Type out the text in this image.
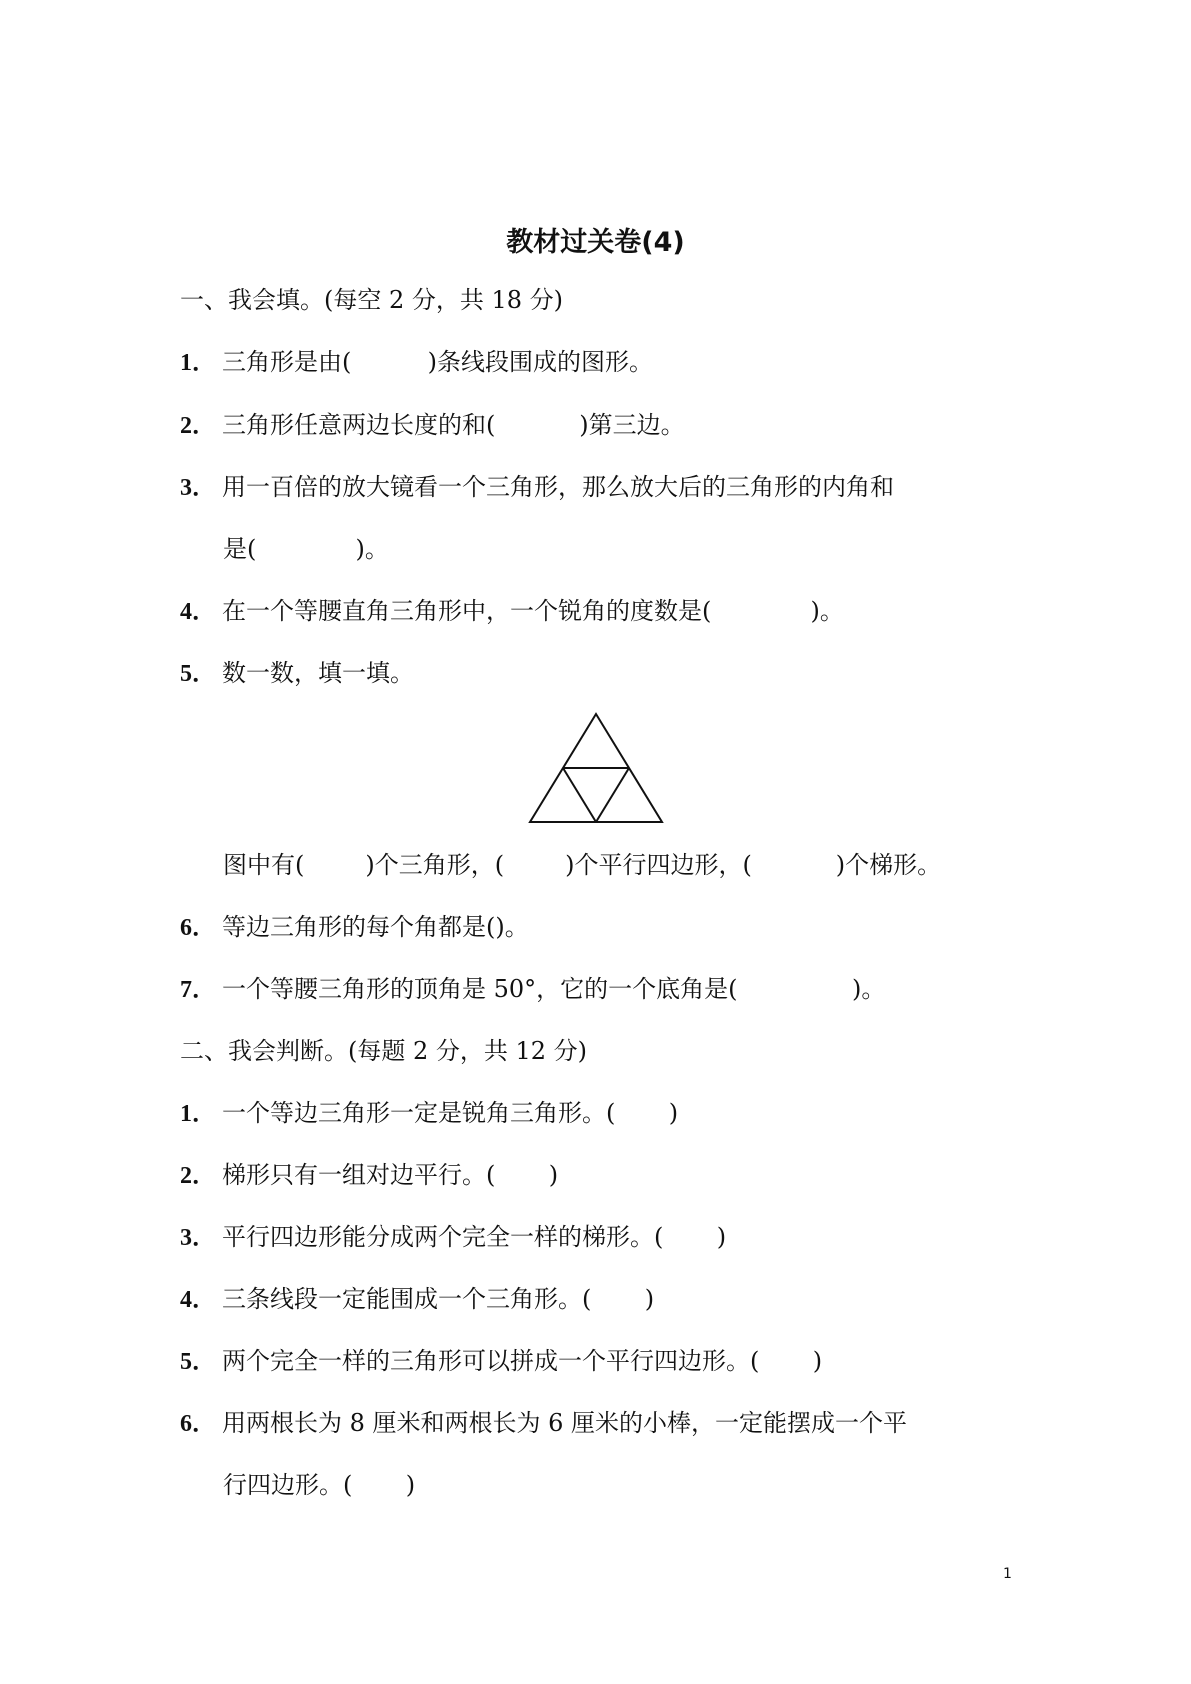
教材过关卷(4)
一、我会填。(每空 2 分，共 18 分)
1． 三角形是由(          )条线段围成的图形。
2． 三角形任意两边长度的和(           )第三边。
3． 用一百倍的放大镜看一个三角形，那么放大后的三角形的内角和
是(             )。
4． 在一个等腰直角三角形中，一个锐角的度数是(             )。
5． 数一数，填一填。
图中有(        )个三角形，(        )个平行四边形，(           )个梯形。
6． 等边三角形的每个角都是()。
7． 一个等腰三角形的顶角是 50°，它的一个底角是(               )。
二、我会判断。(每题 2 分，共 12 分)
1． 一个等边三角形一定是锐角三角形。(       )
2． 梯形只有一组对边平行。(       )
3． 平行四边形能分成两个完全一样的梯形。(       )
4． 三条线段一定能围成一个三角形。(       )
5． 两个完全一样的三角形可以拼成一个平行四边形。(       )
6． 用两根长为 8 厘米和两根长为 6 厘米的小棒，一定能摆成一个平
行四边形。(       )
1
